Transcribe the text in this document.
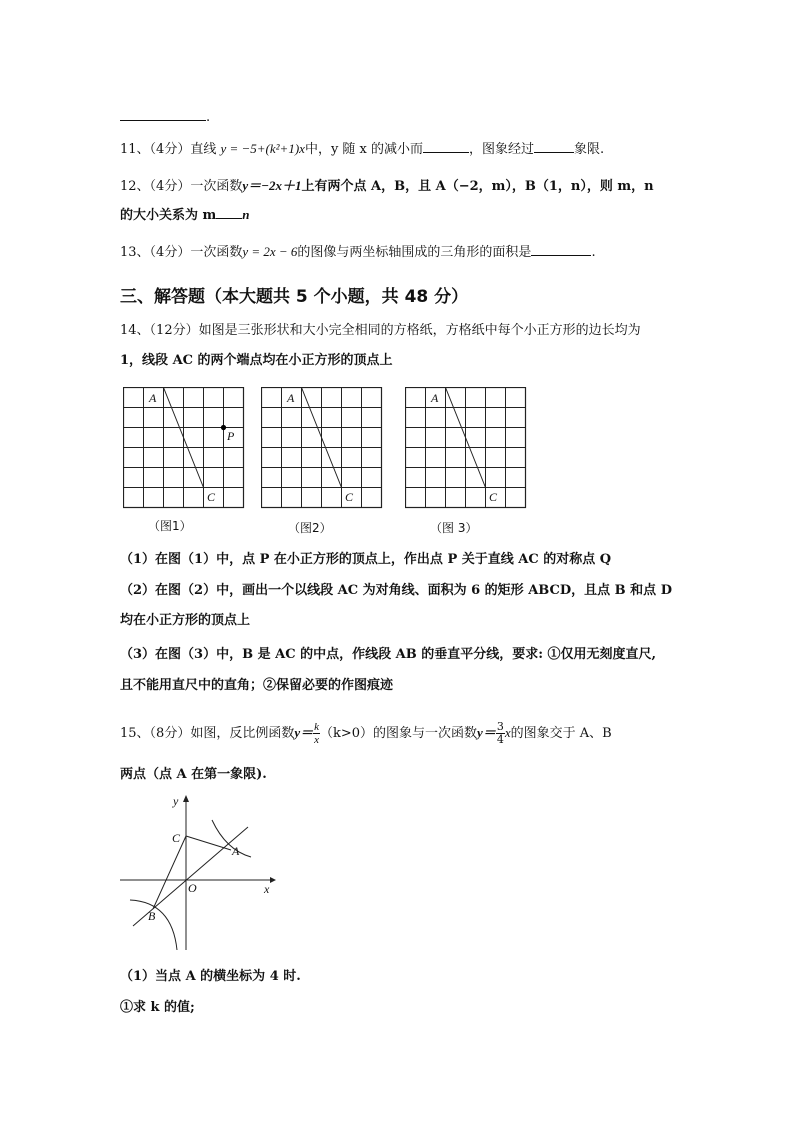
.
11、（4分）直线 y = −5+(k²+1)x中，y 随 x 的减小而	，图象经过	象限.
12、（4分）一次函数y＝−2x＋1上有两个点 A，B，且 A（−2，m），B（1，n），则 m，n
的大小关系为 m n
13、（4分）一次函数y = 2x − 6的图像与两坐标轴围成的三角形的面积是	.
三、解答题（本大题共 5 个小题，共 48 分）
14、（12分）如图是三张形状和大小完全相同的方格纸，方格纸中每个小正方形的边长均为
1，线段 AC 的两个端点均在小正方形的顶点上
A
C
P
A
C
A
C
（图1）	（图2）	（图 3）
（1）在图（1）中，点 P 在小正方形的顶点上，作出点 P 关于直线 AC 的对称点 Q
（2）在图（2）中，画出一个以线段 AC 为对角线、面积为 6 的矩形 ABCD，且点 B 和点 D
均在小正方形的顶点上
（3）在图（3）中，B 是 AC 的中点，作线段 AB 的垂直平分线，要求: ①仅用无刻度直尺,
且不能用直尺中的直角；②保留必要的作图痕迹
15、（8分）如图，反比例函数$y= \frac{k}{x} (k>0)$的图象与一次函数$y= \frac{3}{4}$ x的图象交于 A、B
两点（点 A 在第一象限).
y
x
O
A
B
C
（1）当点 A 的横坐标为 4 时.
①求 k 的值;
